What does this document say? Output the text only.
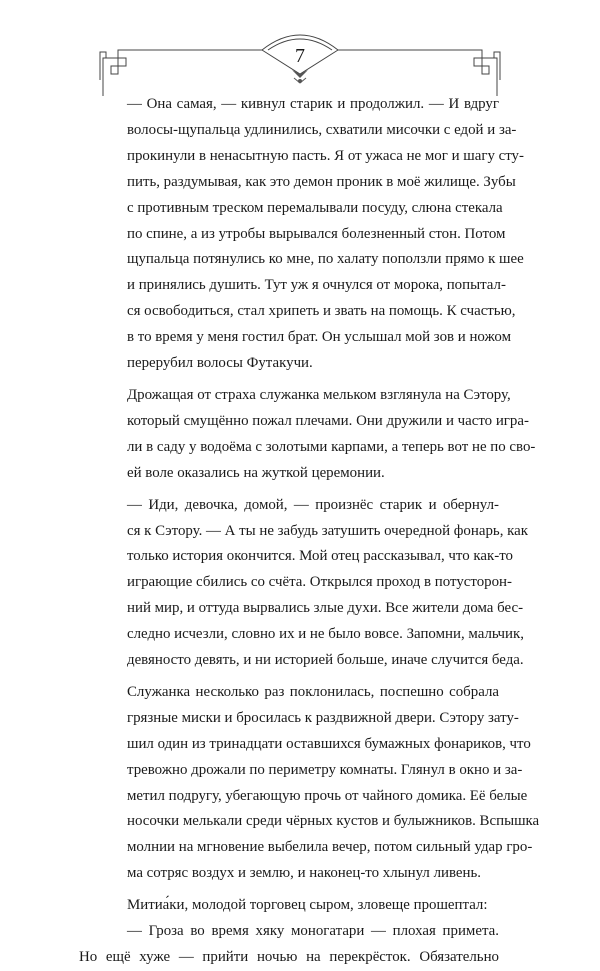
7

— Она самая, — кивнул старик и продолжил. — И вдруг
волосы-щупальца удлинились, схватили мисочки с едой и за-
прокинули в ненасытную пасть. Я от ужаса не мог и шагу сту-
пить, раздумывая, как это демон проник в моё жилище. Зубы
с противным треском перемалывали посуду, слюна стекала
по спине, а из утробы вырывался болезненный стон. Потом
щупальца потянулись ко мне, по халату поползли прямо к шее
и принялись душить. Тут уж я очнулся от морока, попытал-
ся освободиться, стал хрипеть и звать на помощь. К счастью,
в то время у меня гостил брат. Он услышал мой зов и ножом
перерубил волосы Футакучи.

Дрожащая от страха служанка мельком взглянула на Сэтору,
который смущённо пожал плечами. Они дружили и часто игра-
ли в саду у водоёма с золотыми карпами, а теперь вот не по сво-
ей воле оказались на жуткой церемонии.

— Иди, девочка, домой, — произнёс старик и обернул-
ся к Сэтору. — А ты не забудь затушить очередной фонарь, как
только история окончится. Мой отец рассказывал, что как-то
играющие сбились со счёта. Открылся проход в потусторон-
ний мир, и оттуда вырвались злые духи. Все жители дома бес-
следно исчезли, словно их и не было вовсе. Запомни, мальчик,
девяносто девять, и ни историей больше, иначе случится беда.

Служанка несколько раз поклонилась, поспешно собрала
грязные миски и бросилась к раздвижной двери. Сэтору зату-
шил один из тринадцати оставшихся бумажных фонариков, что
тревожно дрожали по периметру комнаты. Глянул в окно и за-
метил подругу, убегающую прочь от чайного домика. Её белые
носочки мелькали среди чёрных кустов и булыжников. Вспышка
молнии на мгновение выбелила вечер, потом сильный удар гро-
ма сотряс воздух и землю, и наконец-то хлынул ливень.

Митиа́ки, молодой торговец сыром, зловеще прошептал:
— Гроза во время хяку моногатари — плохая примета.
Но ещё хуже — прийти ночью на перекрёсток. Обязательно
